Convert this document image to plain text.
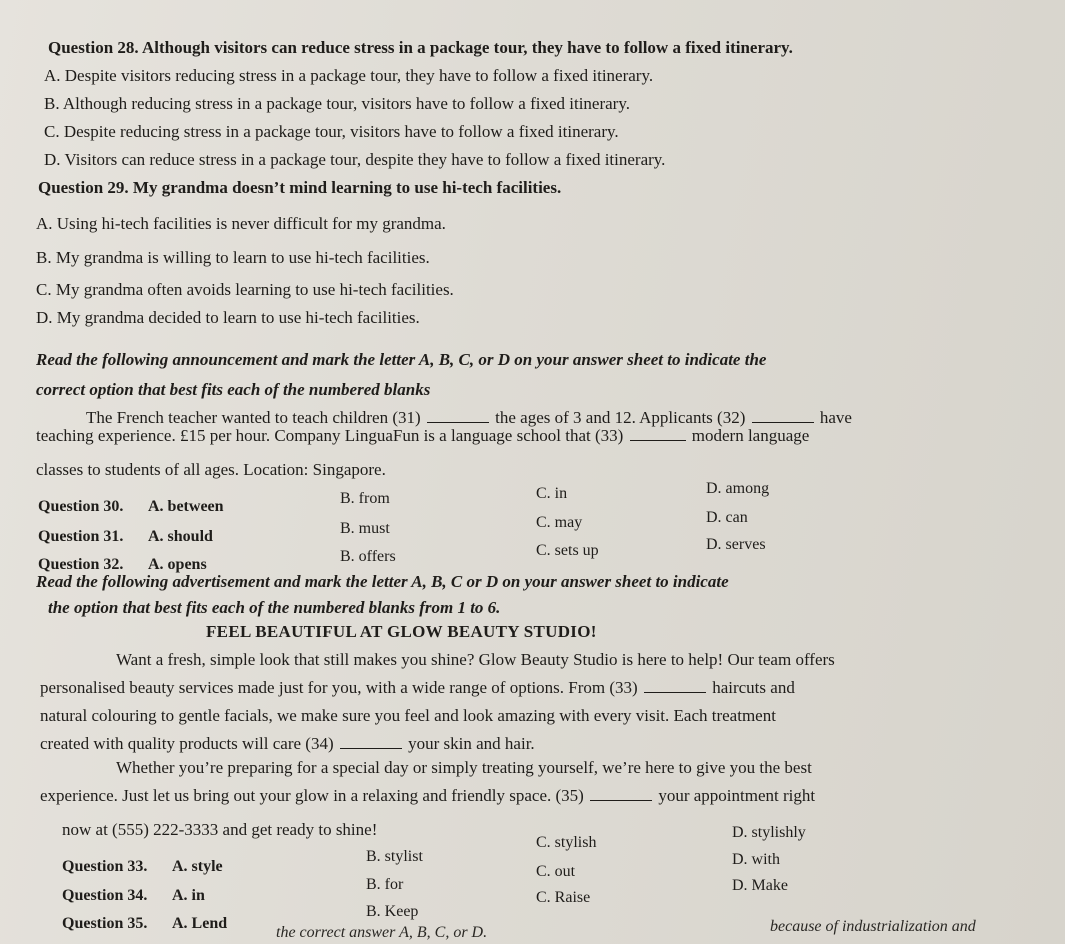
Question 28. Although visitors can reduce stress in a package tour, they have to follow a fixed itinerary.
A. Despite visitors reducing stress in a package tour, they have to follow a fixed itinerary.
B. Although reducing stress in a package tour, visitors have to follow a fixed itinerary.
C. Despite reducing stress in a package tour, visitors have to follow a fixed itinerary.
D. Visitors can reduce stress in a package tour, despite they have to follow a fixed itinerary.
Question 29. My grandma doesn’t mind learning to use hi-tech facilities.
A. Using hi-tech facilities is never difficult for my grandma.
B. My grandma is willing to learn to use hi-tech facilities.
C. My grandma often avoids learning to use hi-tech facilities.
D. My grandma decided to learn to use hi-tech facilities.
Read the following announcement and mark the letter A, B, C, or D on your answer sheet to indicate the
correct option that best fits each of the numbered blanks
The French teacher wanted to teach children (31)	the ages of 3 and 12. Applicants (32)	have
teaching experience. £15 per hour. Company LinguaFun is a language school that (33)	modern language
classes to students of all ages. Location: Singapore.
Question 30. A. between	B. from	C. in	D. among
Question 31. A. should	B. must	C. may	D. can
Question 32. A. opens	B. offers	C. sets up	D. serves
Read the following advertisement and mark the letter A, B, C or D on your answer sheet to indicate
the option that best fits each of the numbered blanks from 1 to 6.
FEEL BEAUTIFUL AT GLOW BEAUTY STUDIO!
Want a fresh, simple look that still makes you shine? Glow Beauty Studio is here to help! Our team offers
personalised beauty services made just for you, with a wide range of options. From (33)	haircuts and
natural colouring to gentle facials, we make sure you feel and look amazing with every visit. Each treatment
created with quality products will care (34)	your skin and hair.
Whether you’re preparing for a special day or simply treating yourself, we’re here to give you the best
experience. Just let us bring out your glow in a relaxing and friendly space. (35)	your appointment right
now at (555) 222-3333 and get ready to shine!
Question 33. A. style
B. stylist
C. stylish
D. stylishly
Question 34. A. in
B. for
C. out
D. with
Question 35. A. Lend
B. Keep
C. Raise
D. Make
the correct answer A, B, C, or D.	because of industrialization and
